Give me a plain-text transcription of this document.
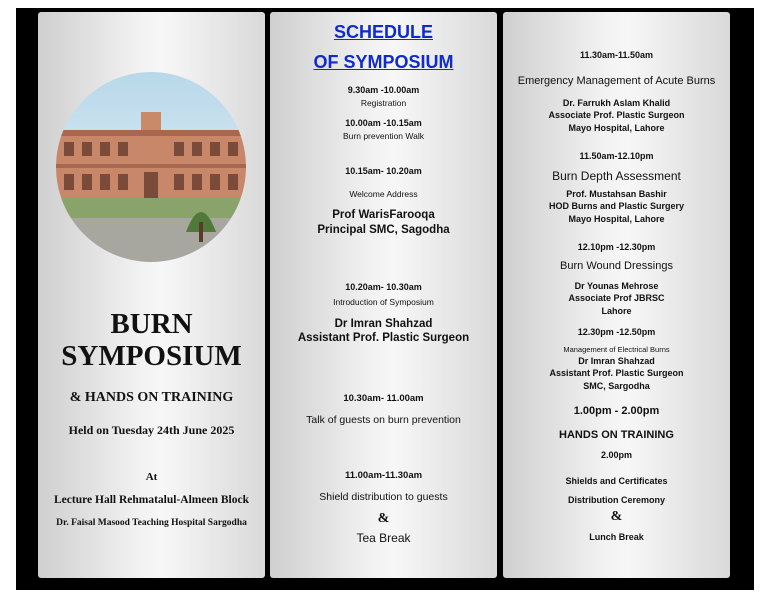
BURN
SYMPOSIUM
& HANDS ON TRAINING
Held on Tuesday 24th June 2025
At
Lecture Hall Rehmatalul-Almeen Block
Dr. Faisal Masood Teaching Hospital Sargodha
SCHEDULE
OF SYMPOSIUM
9.30am -10.00am
Registration
10.00am -10.15am
Burn prevention Walk
10.15am- 10.20am
Welcome Address
Prof WarisFarooqa
Principal SMC, Sagodha
10.20am- 10.30am
Introduction of Symposium
Dr Imran Shahzad
Assistant Prof. Plastic Surgeon
10.30am- 11.00am
Talk of guests on burn prevention
11.00am-11.30am
Shield distribution to guests
&
Tea Break
11.30am-11.50am
Emergency Management of Acute Burns
Dr. Farrukh Aslam Khalid
Associate Prof. Plastic Surgeon
Mayo Hospital, Lahore
11.50am-12.10pm
Burn Depth Assessment
Prof. Mustahsan Bashir
HOD Burns and Plastic Surgery
Mayo Hospital, Lahore
12.10pm -12.30pm
Burn Wound Dressings
Dr Younas Mehrose
Associate Prof JBRSC
Lahore
12.30pm -12.50pm
Management of Electrical Burns
Dr Imran Shahzad
Assistant Prof. Plastic Surgeon
SMC, Sargodha
1.00pm - 2.00pm
HANDS ON TRAINING
2.00pm
Shields and Certificates
Distribution Ceremony
&
Lunch Break
